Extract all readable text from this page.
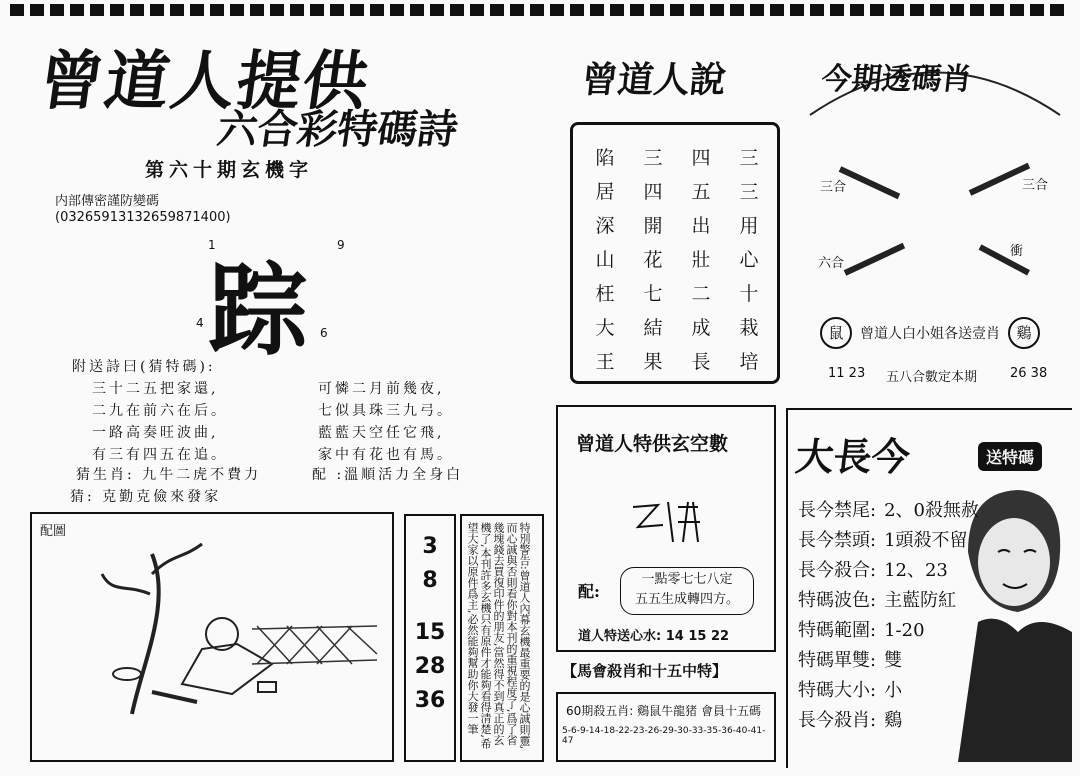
曾道人提供
六合彩特碼詩
第六十期玄機字
内部傳密謹防變碼
(03265913132659871400)
1	9
踪
4
6
附送詩曰(猜特碼):
三十二五把家還,
二九在前六在后。
一路高奏旺波曲,
有三有四五在追。
可憐二月前幾夜,
七似具珠三九弓。
藍藍天空任它飛,
家中有花也有馬。
猜生肖: 九牛二虎不費力	配 :溫順活力全身白
猜: 克勤克儉來發家
配圖
3
8
15
28
36	特別警告:曾道人內幕玄機最重要的是心誠則靈,而心誠與否則看你對本刊的重視程度了,爲了省幾塊錢去買復印件的朋友,當然得不到真正的玄機了,本刊許多玄機只有原件才能夠看得清楚,希望大家以原件爲主,必然能夠幫助你大發一筆
曾道人說
陷	三	四	三
居	四	五	三
深	開	出	用
山	花	壯	心
枉	七	二	十
大	結	成	栽
王	果	長	培
今期透碼肖
三合	三合
六合
衝
鼠	曾道人白小姐各送壹肖	鷄
11 23 五八合數定本期	26 38
曾道人特供玄空數
配:
一點零七七八定
五五生成轉四方。
道人特送心水: 14 15 22
【馬會殺肖和十五中特】
60期殺五肖: 鷄鼠牛龍猪 會員十五碼
5-6-9-14-18-22-23-26-29-30-33-35-36-40-41-47
大長今	送特碼
長今禁尾: 2、0殺無赦
長今禁頭: 1頭殺不留
長今殺合: 12、23
特碼波色: 主藍防紅
特碼範圍: 1-20
特碼單雙: 雙
特碼大小: 小
長今殺肖: 鷄
